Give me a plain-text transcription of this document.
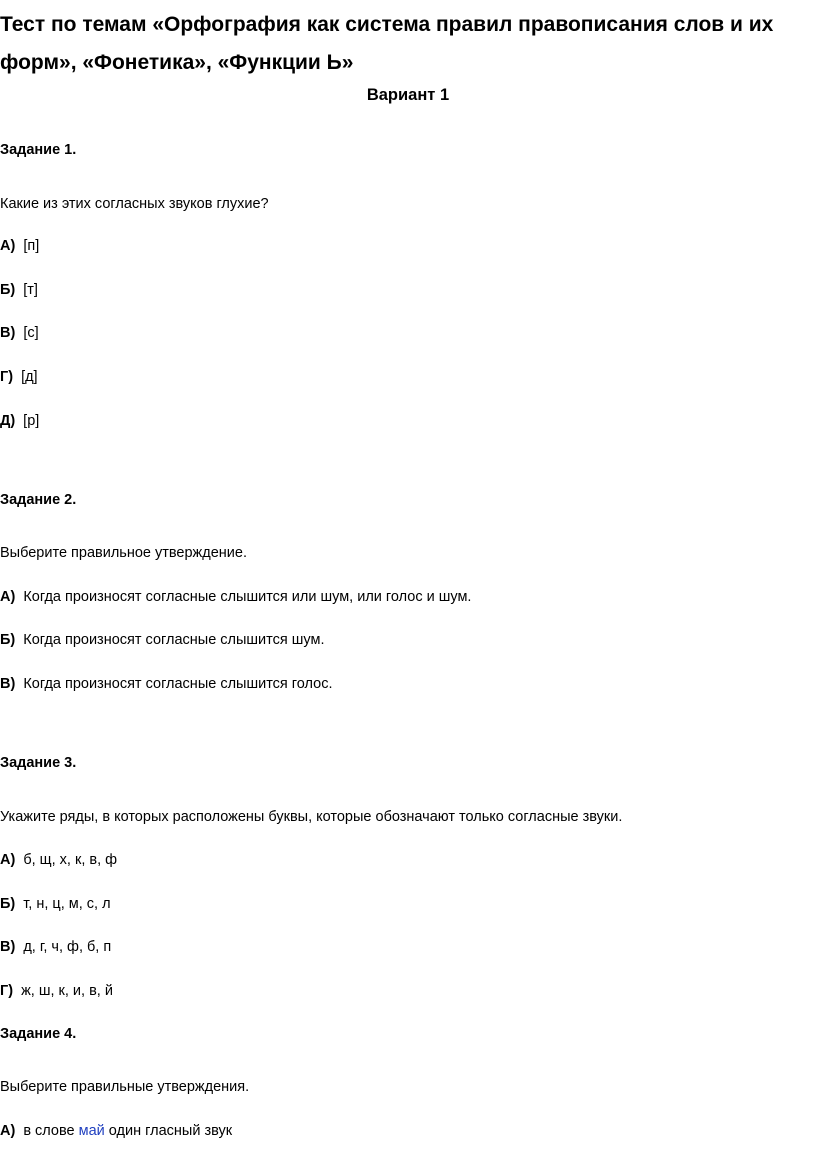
Тест по темам «Орфография как система правил правописания слов и их форм», «Фонетика», «Функции Ь»
Вариант 1

Задание 1.

Какие из этих согласных звуков глухие?

А) [п]

Б) [т]

В) [с]

Г) [д]

Д) [р]

Задание 2.

Выберите правильное утверждение.

А) Когда произносят согласные слышится или шум, или голос и шум.

Б) Когда произносят согласные слышится шум.

В) Когда произносят согласные слышится голос.

Задание 3.

Укажите ряды, в которых расположены буквы, которые обозначают только согласные звуки.

А) б, щ, х, к, в, ф

Б) т, н, ц, м, с, л

В) д, г, ч, ф, б, п

Г) ж, ш, к, и, в, й

Задание 4.

Выберите правильные утверждения.

А) в слове май один гласный звук
